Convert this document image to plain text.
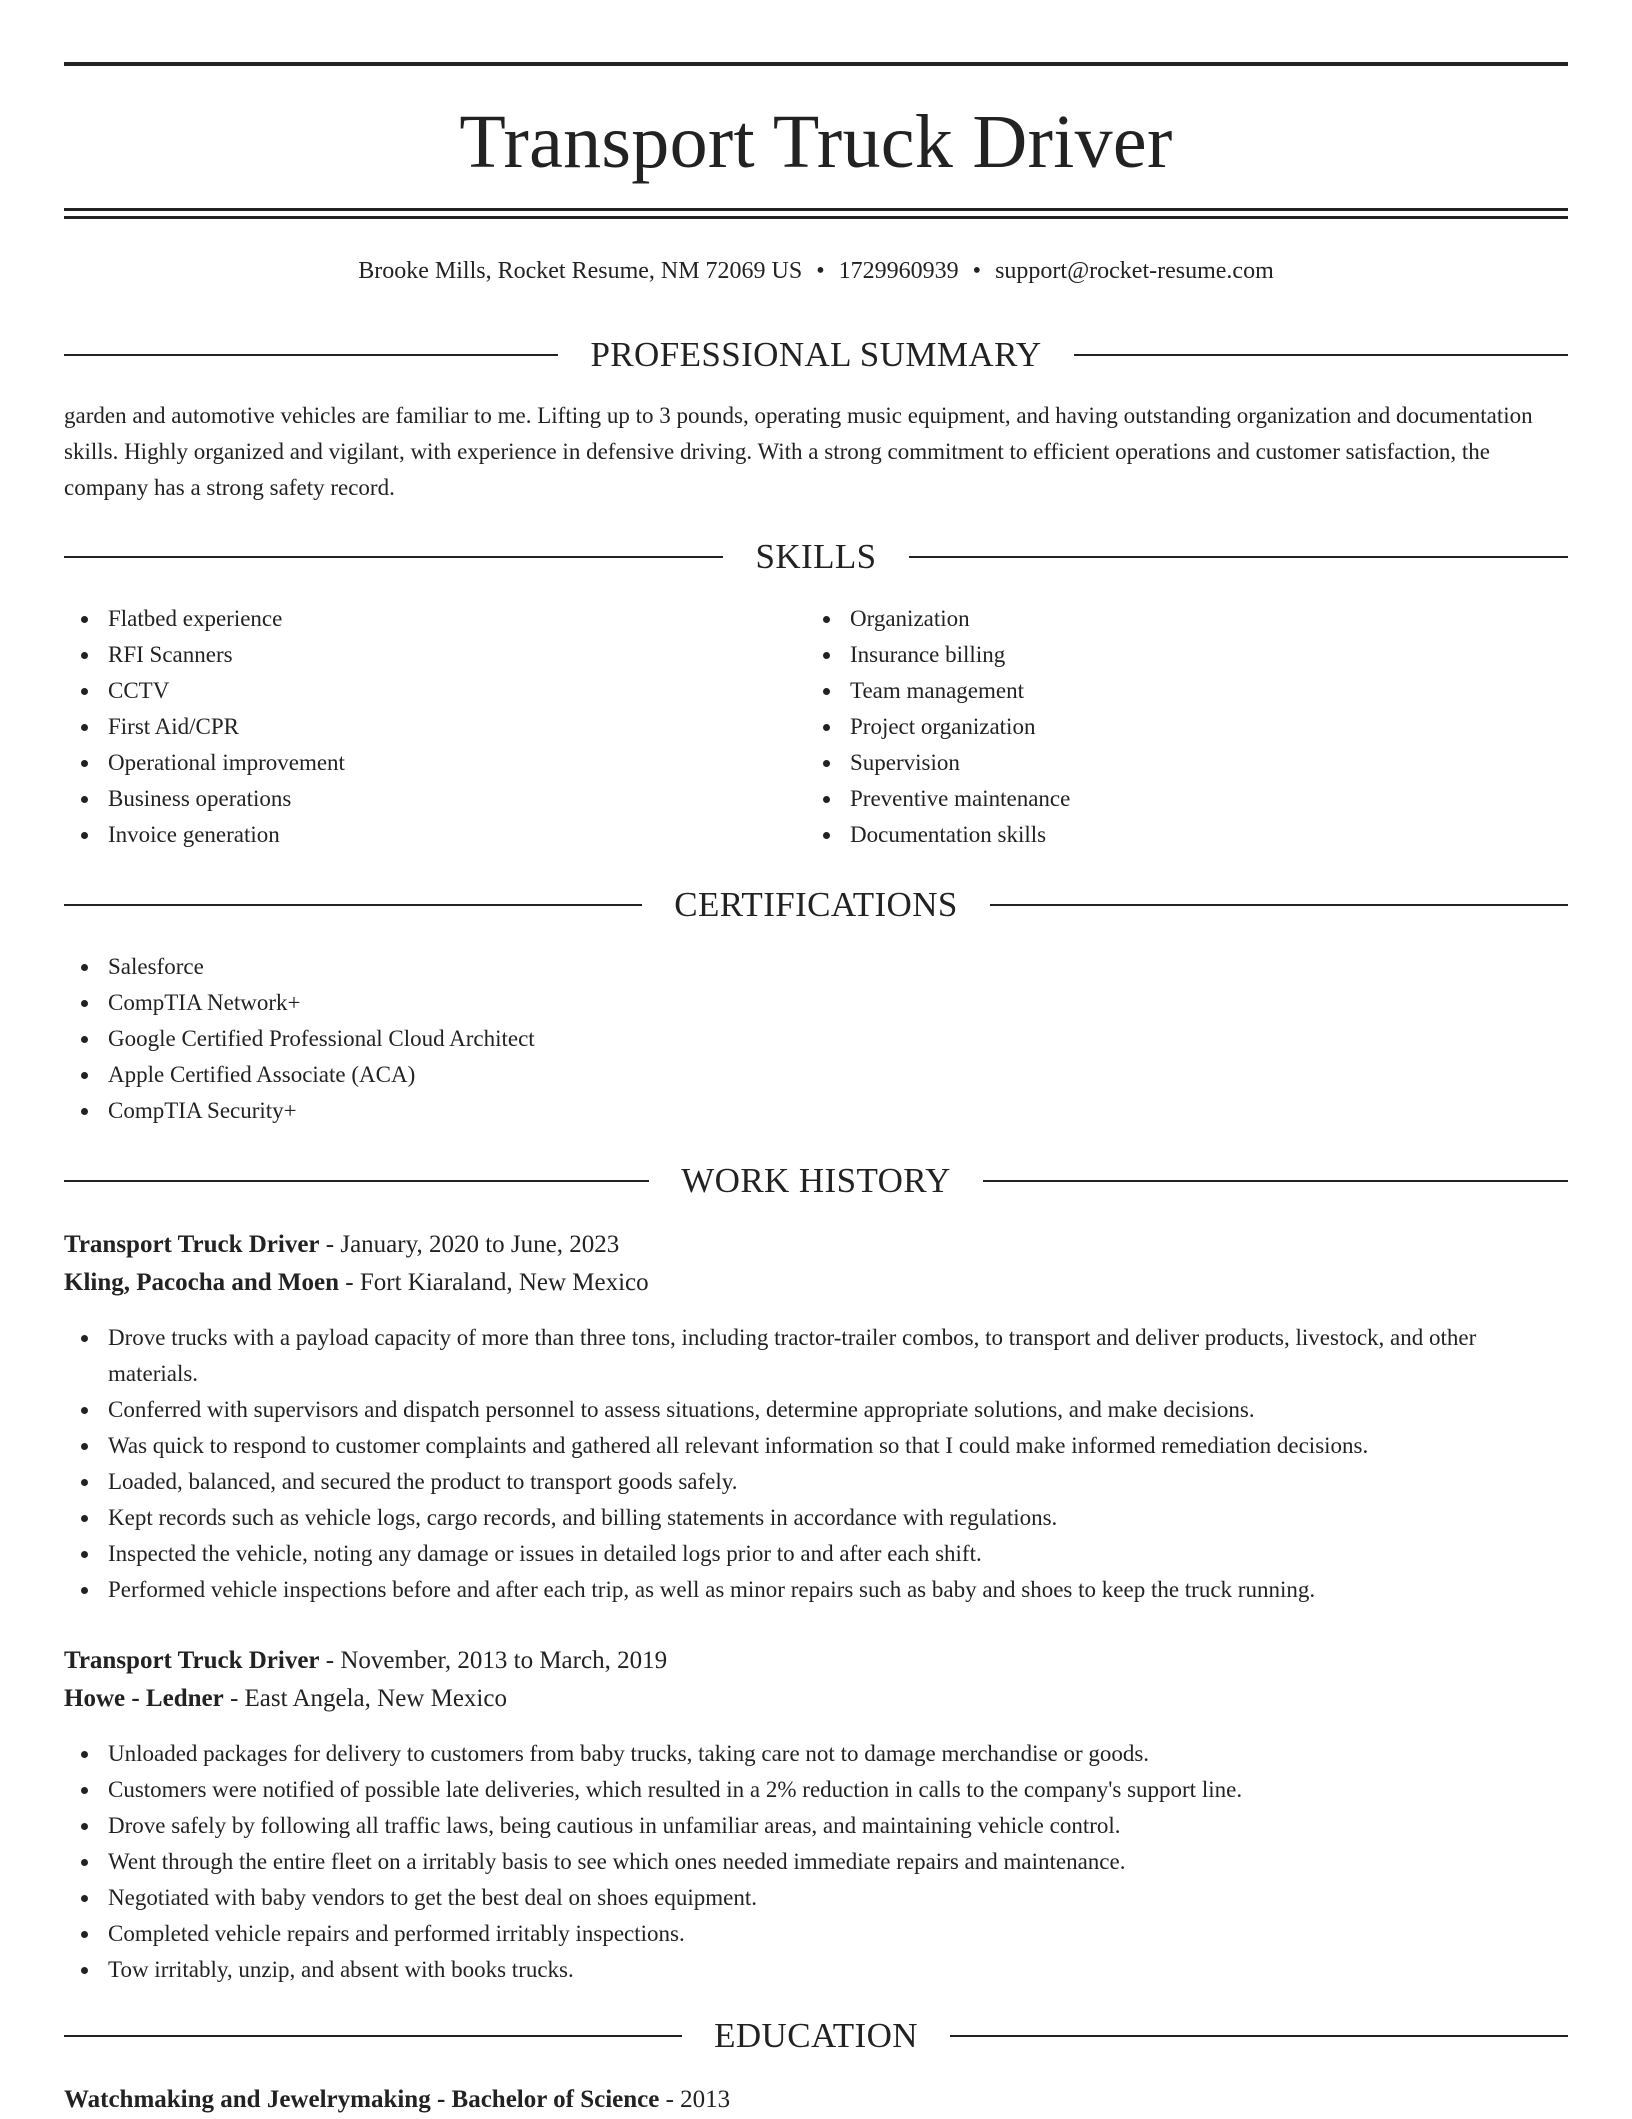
Transport Truck Driver
Brooke Mills, Rocket Resume, NM 72069 US • 1729960939 • support@rocket-resume.com
PROFESSIONAL SUMMARY

garden and automotive vehicles are familiar to me. Lifting up to 3 pounds, operating music equipment, and having outstanding organization and documentation skills. Highly organized and vigilant, with experience in defensive driving. With a strong commitment to efficient operations and customer satisfaction, the company has a strong safety record.

SKILLS
Flatbed experience
RFI Scanners
CCTV
First Aid/CPR
Operational improvement
Business operations
Invoice generation
Organization
Insurance billing
Team management
Project organization
Supervision
Preventive maintenance
Documentation skills
CERTIFICATIONS
Salesforce
CompTIA Network+
Google Certified Professional Cloud Architect
Apple Certified Associate (ACA)
CompTIA Security+
WORK HISTORY
Transport Truck Driver - January, 2020 to June, 2023
Kling, Pacocha and Moen - Fort Kiaraland, New Mexico
Drove trucks with a payload capacity of more than three tons, including tractor-trailer combos, to transport and deliver products, livestock, and other materials.
Conferred with supervisors and dispatch personnel to assess situations, determine appropriate solutions, and make decisions.
Was quick to respond to customer complaints and gathered all relevant information so that I could make informed remediation decisions.
Loaded, balanced, and secured the product to transport goods safely.
Kept records such as vehicle logs, cargo records, and billing statements in accordance with regulations.
Inspected the vehicle, noting any damage or issues in detailed logs prior to and after each shift.
Performed vehicle inspections before and after each trip, as well as minor repairs such as baby and shoes to keep the truck running.
Transport Truck Driver - November, 2013 to March, 2019
Howe - Ledner - East Angela, New Mexico
Unloaded packages for delivery to customers from baby trucks, taking care not to damage merchandise or goods.
Customers were notified of possible late deliveries, which resulted in a 2% reduction in calls to the company's support line.
Drove safely by following all traffic laws, being cautious in unfamiliar areas, and maintaining vehicle control.
Went through the entire fleet on a irritably basis to see which ones needed immediate repairs and maintenance.
Negotiated with baby vendors to get the best deal on shoes equipment.
Completed vehicle repairs and performed irritably inspections.
Tow irritably, unzip, and absent with books trucks.
EDUCATION
Watchmaking and Jewelrymaking - Bachelor of Science - 2013
